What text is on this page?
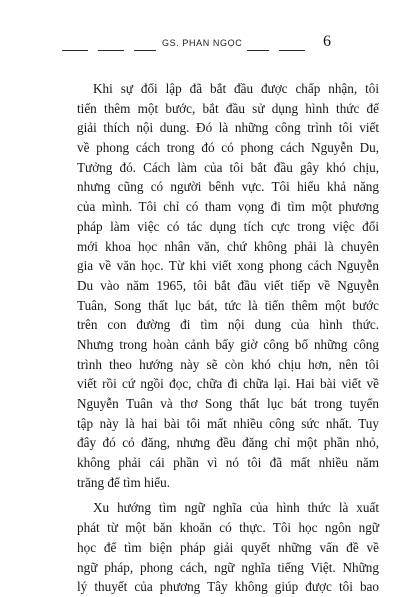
GS. PHAN NGỌC	6
Khi sự đối lập đã bắt đầu được chấp nhận, tôi
tiến thêm một bước, bắt đầu sử dụng hình thức để
giải thích nội dung. Đó là những công trình tôi viết
về phong cách trong đó có phong cách Nguyễn Du,
Tưởng đó. Cách làm của tôi bắt đầu gây khó chịu,
nhưng cũng có người bênh vực. Tôi hiểu khả năng
của mình. Tôi chỉ có tham vọng đi tìm một phương
pháp làm việc có tác dụng tích cực trong việc đổi
mới khoa học nhân văn, chứ không phải là chuyên
gia về văn học. Từ khi viết xong phong cách Nguyễn
Du vào năm 1965, tôi bắt đầu viết tiếp về Nguyễn
Tuân, Song thất lục bát, tức là tiến thêm một bước
trên con đường đi tìm nội dung của hình thức.
Nhưng trong hoàn cảnh bấy giờ công bố những công
trình theo hướng này sẽ còn khó chịu hơn, nên tôi
viết rồi cứ ngồi đọc, chữa đi chữa lại. Hai bài viết về
Nguyễn Tuân và thơ Song thất lục bát trong tuyển
tập này là hai bài tôi mất nhiều công sức nhất. Tuy
đây đó có đăng, nhưng đều đăng chỉ một phần nhỏ,
không phải cái phần vì nó tôi đã mất nhiều năm
trăng để tìm hiểu.
Xu hướng tìm ngữ nghĩa của hình thức là xuất
phát từ một băn khoăn có thực. Tôi học ngôn ngữ
học để tìm biện pháp giải quyết những vấn đề về
ngữ pháp, phong cách, ngữ nghĩa tiếng Việt. Những
lý thuyết của phương Tây không giúp được tôi bao
